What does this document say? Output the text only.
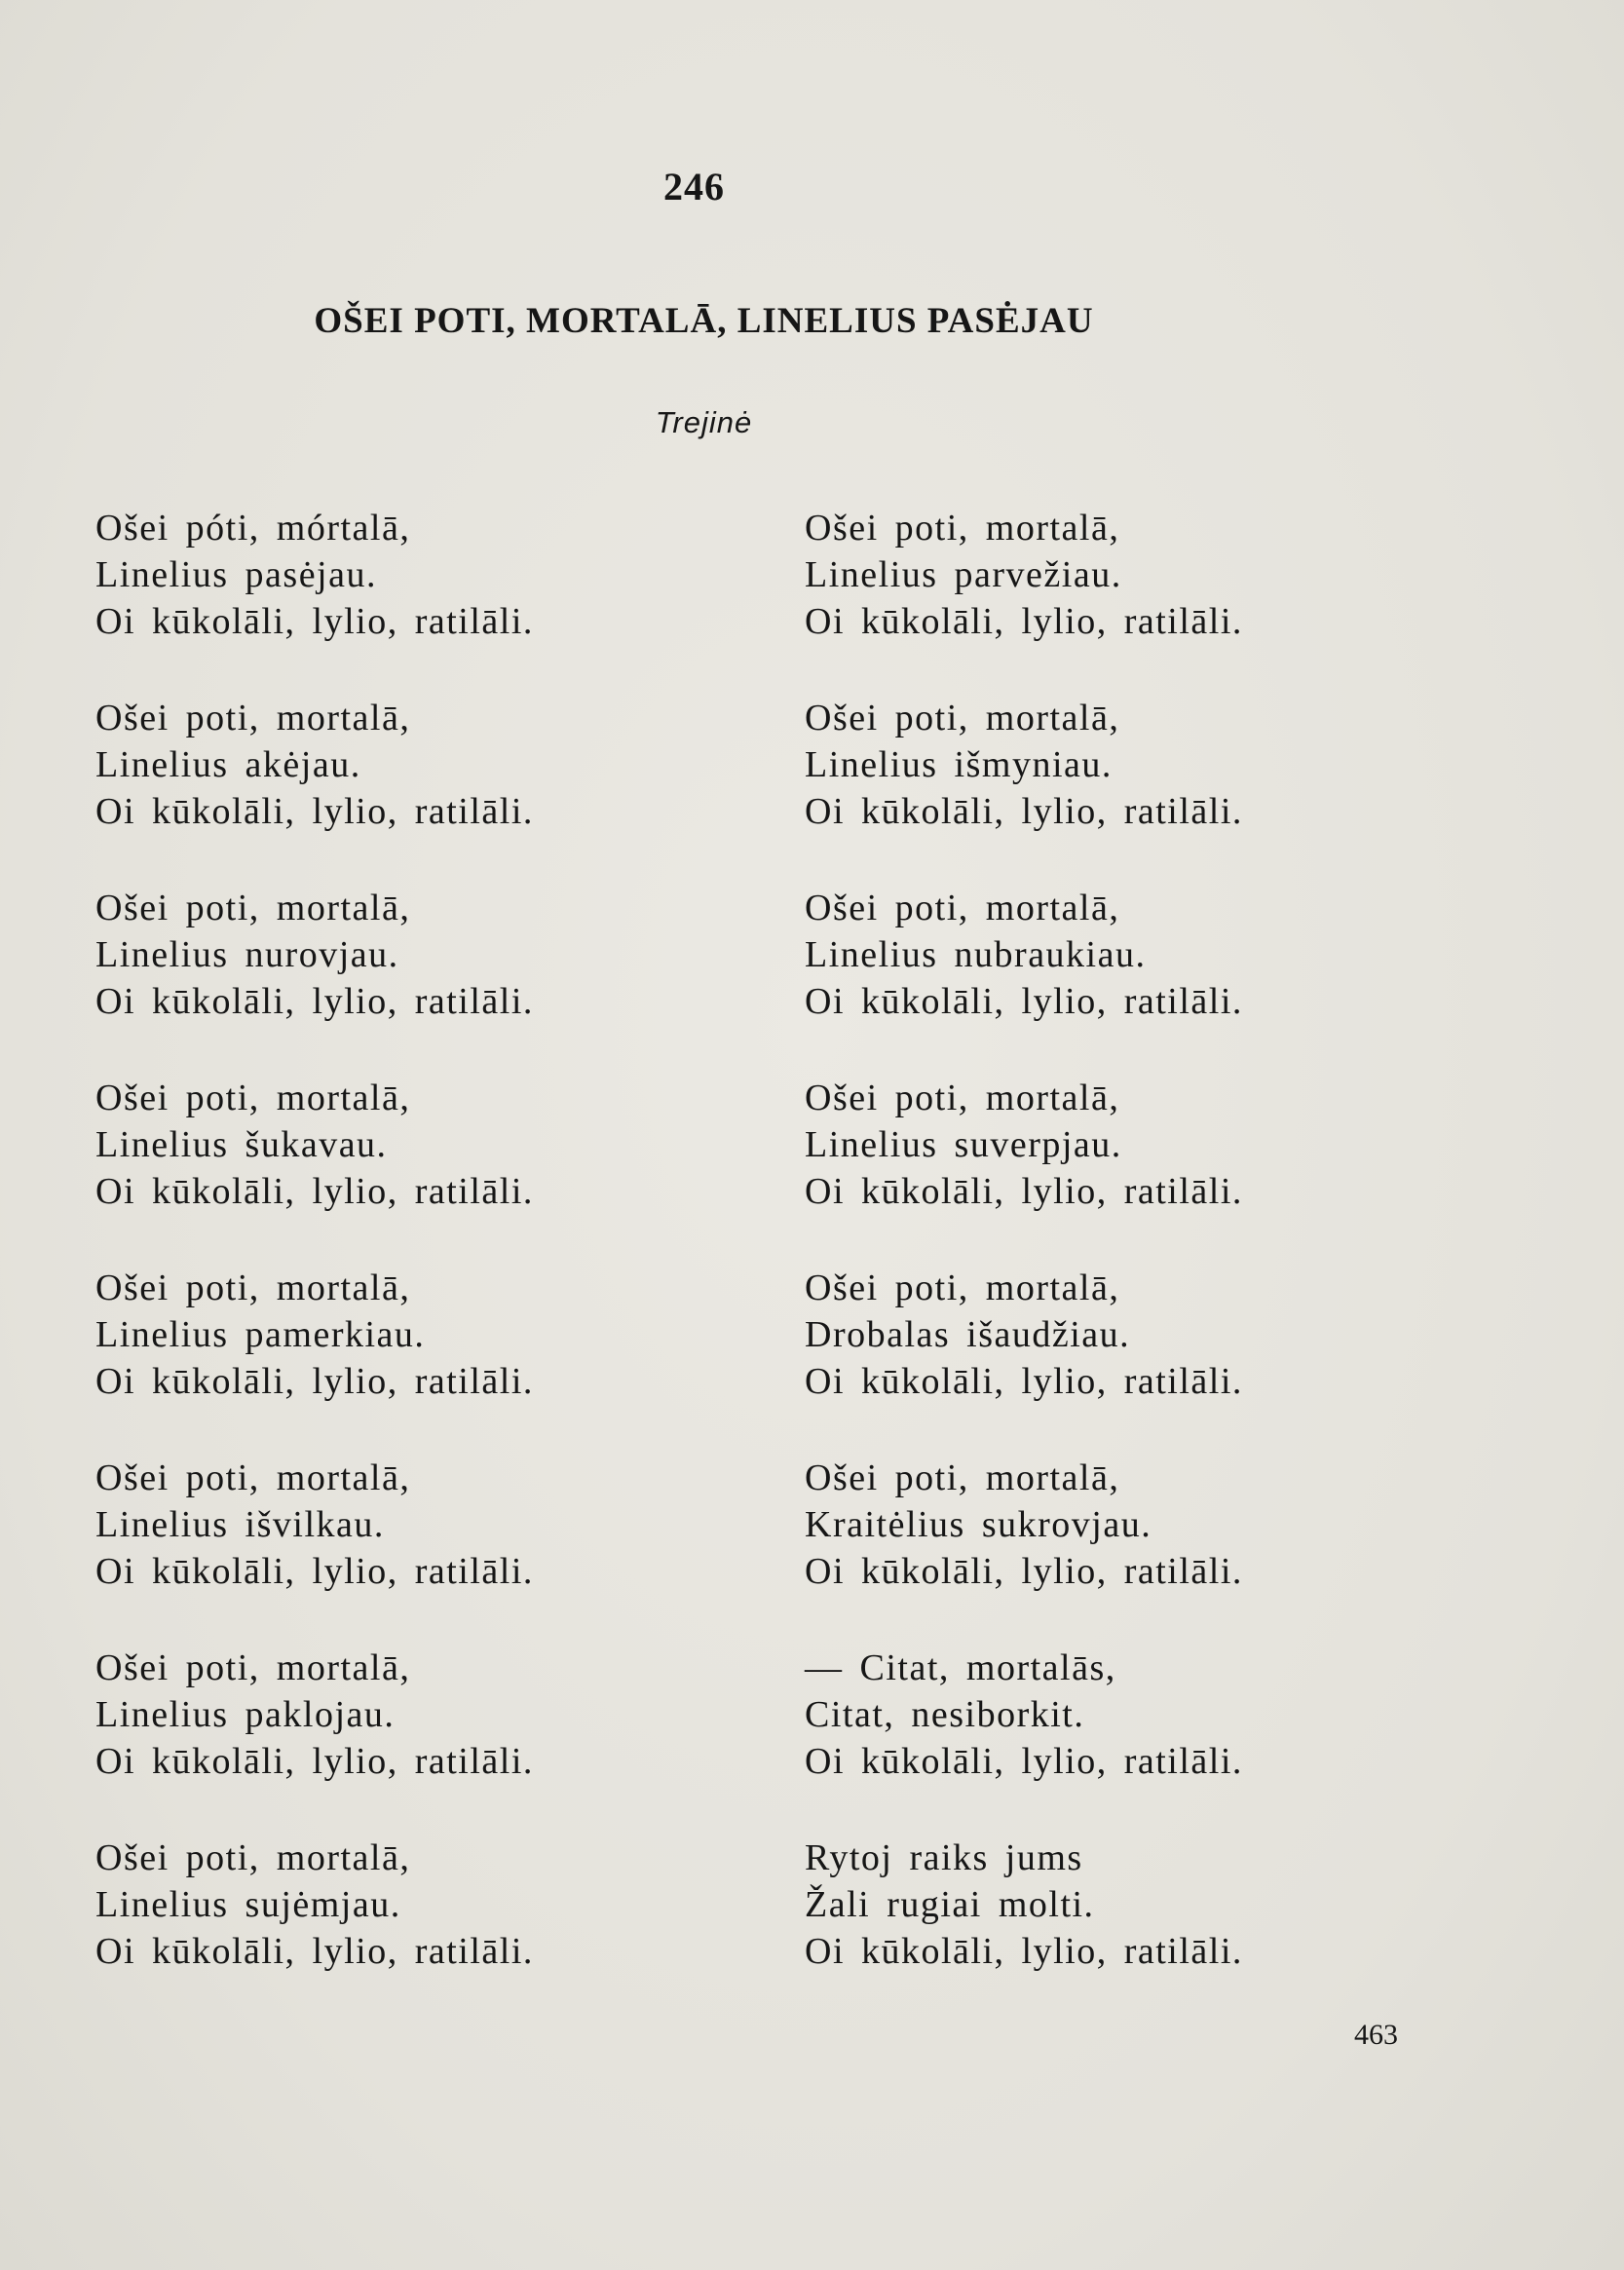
246
OŠEI POTI, MORTALĀ, LINELIUS PASĖJAU
Trejinė
Ošei póti, mórtalā,
Linelius pasėjau.
Oi kūkolāli, lylio, ratilāli.
Ošei poti, mortalā,
Linelius akėjau.
Oi kūkolāli, lylio, ratilāli.
Ošei poti, mortalā,
Linelius nurovjau.
Oi kūkolāli, lylio, ratilāli.
Ošei poti, mortalā,
Linelius šukavau.
Oi kūkolāli, lylio, ratilāli.
Ošei poti, mortalā,
Linelius pamerkiau.
Oi kūkolāli, lylio, ratilāli.
Ošei poti, mortalā,
Linelius išvilkau.
Oi kūkolāli, lylio, ratilāli.
Ošei poti, mortalā,
Linelius paklojau.
Oi kūkolāli, lylio, ratilāli.
Ošei poti, mortalā,
Linelius sujėmjau.
Oi kūkolāli, lylio, ratilāli.
Ošei poti, mortalā,
Linelius parvežiau.
Oi kūkolāli, lylio, ratilāli.
Ošei poti, mortalā,
Linelius išmyniau.
Oi kūkolāli, lylio, ratilāli.
Ošei poti, mortalā,
Linelius nubraukiau.
Oi kūkolāli, lylio, ratilāli.
Ošei poti, mortalā,
Linelius suverpjau.
Oi kūkolāli, lylio, ratilāli.
Ošei poti, mortalā,
Drobalas išaudžiau.
Oi kūkolāli, lylio, ratilāli.
Ošei poti, mortalā,
Kraitėlius sukrovjau.
Oi kūkolāli, lylio, ratilāli.
— Citat, mortalās,
Citat, nesiborkit.
Oi kūkolāli, lylio, ratilāli.
Rytoj raiks jums
Žali rugiai molti.
Oi kūkolāli, lylio, ratilāli.
463
